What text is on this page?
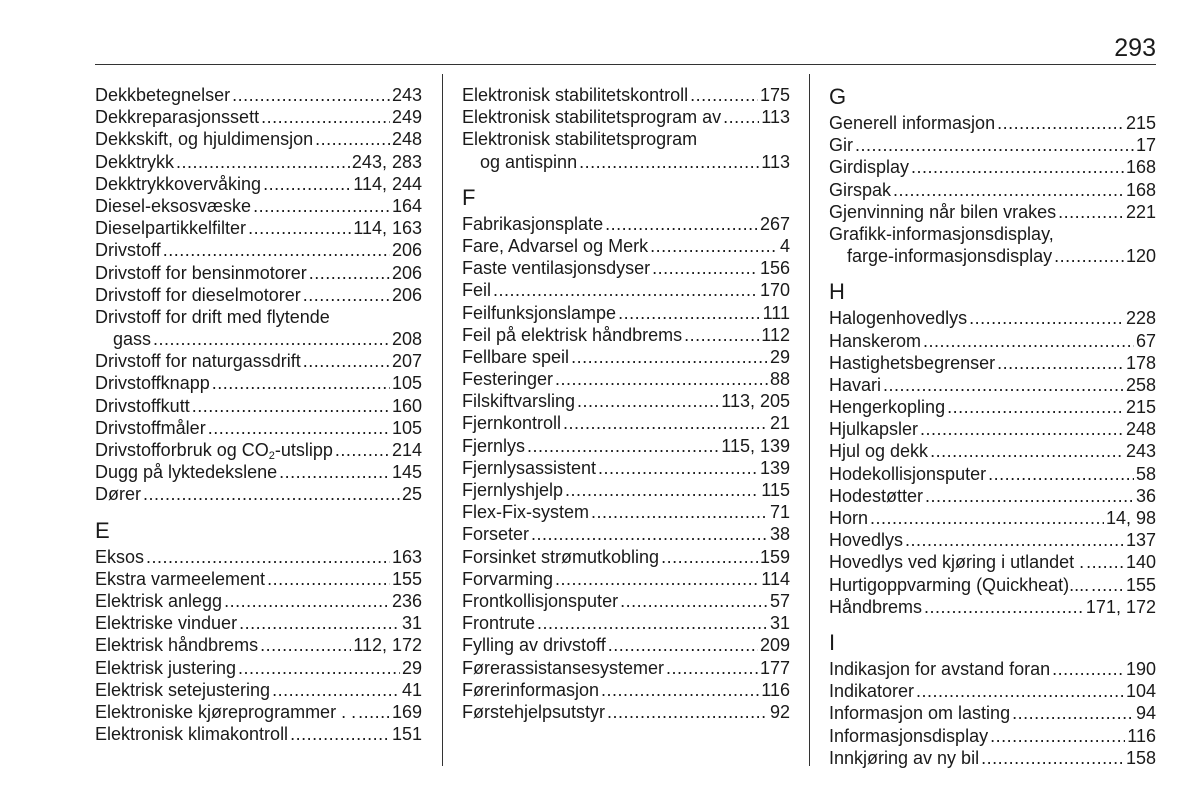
293
Dekkbetegnelser .....	243
Dekkreparasjonssett .....	249
Dekkskift, og hjuldimensjon .....	248
Dekktrykk .....	243, 283
Dekktrykkovervåking .....	114, 244
Diesel-eksosvæske .....	164
Dieselpartikkelfilter .....	114, 163
Drivstoff .....	206
Drivstoff for bensinmotorer .....	206
Drivstoff for dieselmotorer .....	206
Drivstoff for drift med flytende
gass .....	208
Drivstoff for naturgassdrift .....	207
Drivstoffknapp .....	105
Drivstoffkutt .....	160
Drivstoffmåler .....	105
Drivstofforbruk og $CO_2$-utslipp .....	214
Dugg på lyktedekslene .....	145
Dører .....	25
E
Eksos .....	163
Ekstra varmeelement .....	155
Elektrisk anlegg .....	236
Elektriske vinduer .....	31
Elektrisk håndbrems .....	112, 172
Elektrisk justering .....	29
Elektrisk setejustering .....	41
Elektroniske kjøreprogrammer . . ..... 169
Elektronisk klimakontroll .....	151
Elektronisk stabilitetskontroll .....	175
Elektronisk stabilitetsprogram av ..... 113
Elektronisk stabilitetsprogram
og antispinn .....	113
F
Fabrikasjonsplate .....	267
Fare, Advarsel og Merk .....	4
Faste ventilasjonsdyser .....	156
Feil .....	170
Feilfunksjonslampe .....	111
Feil på elektrisk håndbrems .....	112
Fellbare speil .....	29
Festeringer .....	88
Filskiftvarsling .....	113, 205
Fjernkontroll .....	21
Fjernlys .....	115, 139
Fjernlysassistent .....	139
Fjernlyshjelp .....	115
Flex-Fix-system .....	71
Forseter .....	38
Forsinket strømutkobling .....	159
Forvarming .....	114
Frontkollisjonsputer .....	57
Frontrute .....	31
Fylling av drivstoff .....	209
Førerassistansesystemer .....	177
Førerinformasjon .....	116
Førstehjelpsutstyr .....	92
G
Generell informasjon .....	215
Gir .....	17
Girdisplay .....	168
Girspak .....	168
Gjenvinning når bilen vrakes .....	221
Grafikk-informasjonsdisplay,
farge-informasjonsdisplay .....	120
H
Halogenhovedlys .....	228
Hanskerom .....	67
Hastighetsbegrenser .....	178
Havari .....	258
Hengerkopling .....	215
Hjulkapsler .....	248
Hjul og dekk .....	243
Hodekollisjonsputer .....	58
Hodestøtter .....	36
Horn .....	14, 98
Hovedlys .....	137
Hovedlys ved kjøring i utlandet . ..... 140
Hurtigoppvarming (Quickheat).... ..... 155
Håndbrems .....	171, 172
I
Indikasjon for avstand foran .....	190
Indikatorer .....	104
Informasjon om lasting .....	94
Informasjonsdisplay .....	116
Innkjøring av ny bil .....	158
